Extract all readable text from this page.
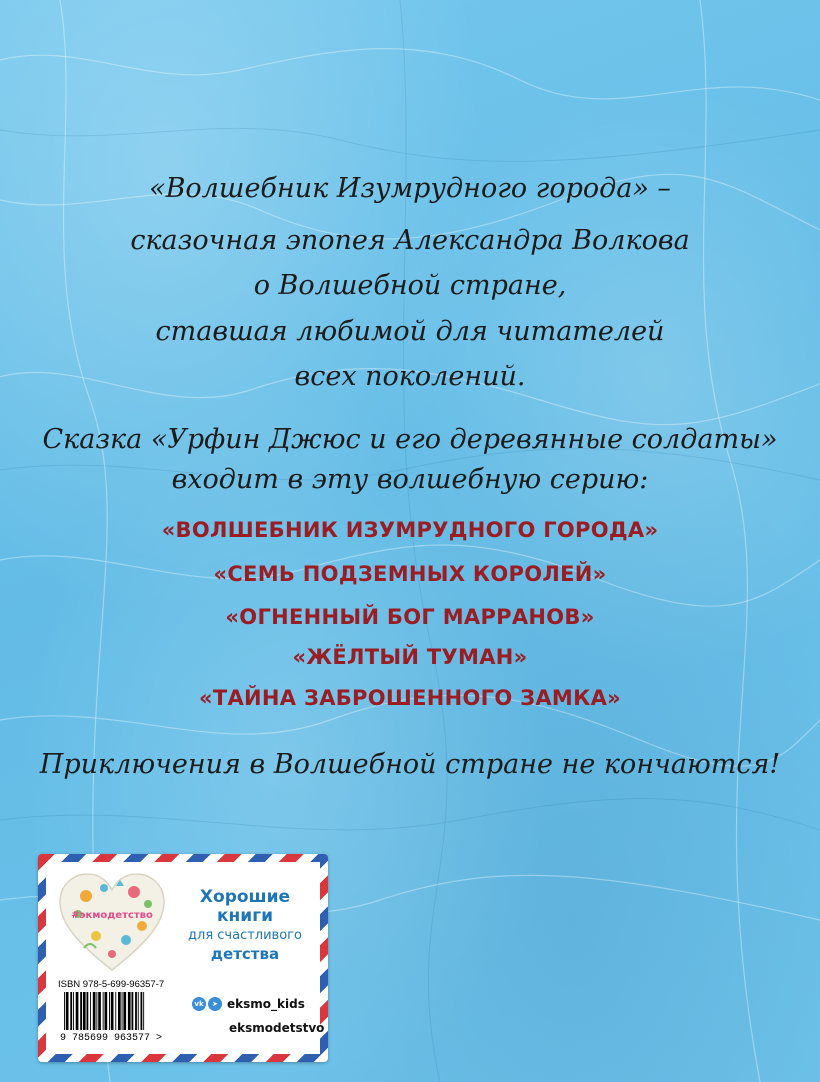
«Волшебник Изумрудного города» –
сказочная эпопея Александра Волкова
о Волшебной стране,
ставшая любимой для читателей
всех поколений.
Сказка «Урфин Джюс и его деревянные солдаты»
входит в эту волшебную серию:
«ВОЛШЕБНИК ИЗУМРУДНОГО ГОРОДА»
«СЕМЬ ПОДЗЕМНЫХ КОРОЛЕЙ»
«ОГНЕННЫЙ БОГ МАРРАНОВ»
«ЖЁЛТЫЙ ТУМАН»
«ТАЙНА ЗАБРОШЕННОГО ЗАМКА»
Приключения в Волшебной стране не кончаются!
#экмодетство
Хорошие
книги
для счастливого
детства
ISBN 978-5-699-96357-7
9 785699 963577 >
vk ➤ eksmo_kids
eksmodetstvo
